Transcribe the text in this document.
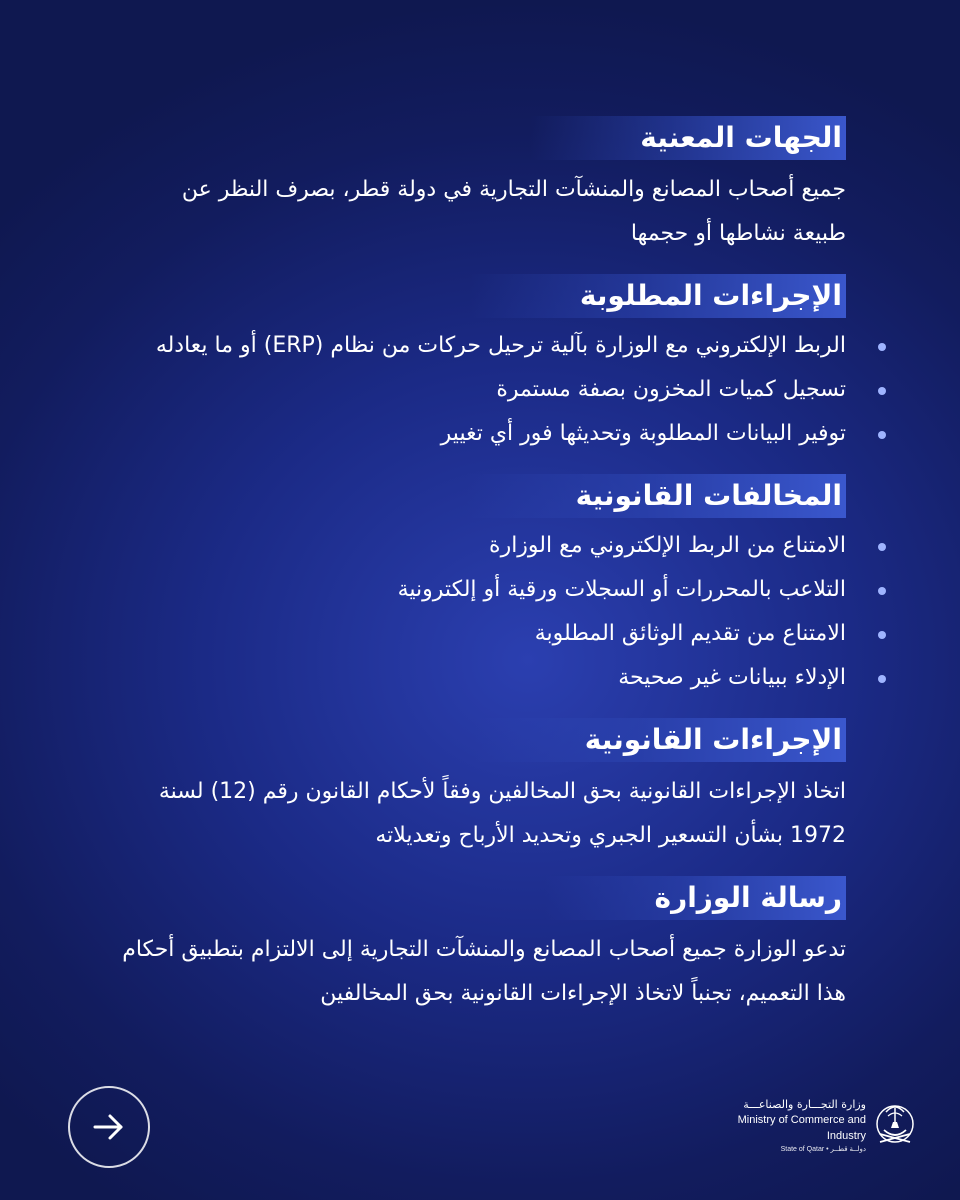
الجهات المعنية

جميع أصحاب المصانع والمنشآت التجارية في دولة قطر، بصرف النظر عن
طبيعة نشاطها أو حجمها

الإجراءات المطلوبة
الربط الإلكتروني مع الوزارة بآلية ترحيل حركات من نظام (ERP) أو ما يعادله
تسجيل كميات المخزون بصفة مستمرة
توفير البيانات المطلوبة وتحديثها فور أي تغيير
المخالفات القانونية
الامتناع من الربط الإلكتروني مع الوزارة
التلاعب بالمحررات أو السجلات ورقية أو إلكترونية
الامتناع من تقديم الوثائق المطلوبة
الإدلاء ببيانات غير صحيحة
الإجراءات القانونية

اتخاذ الإجراءات القانونية بحق المخالفين وفقاً لأحكام القانون رقم (12) لسنة
1972 بشأن التسعير الجبري وتحديد الأرباح وتعديلاته

رسالة الوزارة

تدعو الوزارة جميع أصحاب المصانع والمنشآت التجارية إلى الالتزام بتطبيق أحكام
هذا التعميم، تجنباً لاتخاذ الإجراءات القانونية بحق المخالفين

وزارة التجـــارة والصناعـــة
Ministry of Commerce and Industry
State of Qatar • دولــة قطــر
